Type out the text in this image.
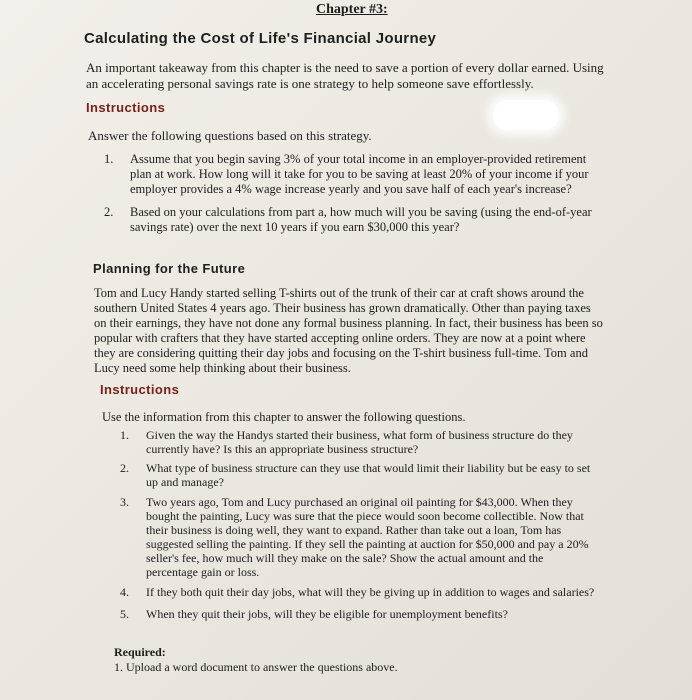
Chapter #3:
Calculating the Cost of Life's Financial Journey
An important takeaway from this chapter is the need to save a portion of every dollar earned. Using an accelerating personal savings rate is one strategy to help someone save effortlessly.
Instructions
Answer the following questions based on this strategy.
1. Assume that you begin saving 3% of your total income in an employer-provided retirement plan at work. How long will it take for you to be saving at least 20% of your income if your employer provides a 4% wage increase yearly and you save half of each year's increase?
2. Based on your calculations from part a, how much will you be saving (using the end-of-year savings rate) over the next 10 years if you earn $30,000 this year?
Planning for the Future
Tom and Lucy Handy started selling T-shirts out of the trunk of their car at craft shows around the southern United States 4 years ago. Their business has grown dramatically. Other than paying taxes on their earnings, they have not done any formal business planning. In fact, their business has been so popular with crafters that they have started accepting online orders. They are now at a point where they are considering quitting their day jobs and focusing on the T-shirt business full-time. Tom and Lucy need some help thinking about their business.
Instructions
Use the information from this chapter to answer the following questions.
1. Given the way the Handys started their business, what form of business structure do they currently have? Is this an appropriate business structure?
2. What type of business structure can they use that would limit their liability but be easy to set up and manage?
3. Two years ago, Tom and Lucy purchased an original oil painting for $43,000. When they bought the painting, Lucy was sure that the piece would soon become collectible. Now that their business is doing well, they want to expand. Rather than take out a loan, Tom has suggested selling the painting. If they sell the painting at auction for $50,000 and pay a 20% seller's fee, how much will they make on the sale? Show the actual amount and the percentage gain or loss.
4. If they both quit their day jobs, what will they be giving up in addition to wages and salaries?
5. When they quit their jobs, will they be eligible for unemployment benefits?
Required:
1. Upload a word document to answer the questions above.
